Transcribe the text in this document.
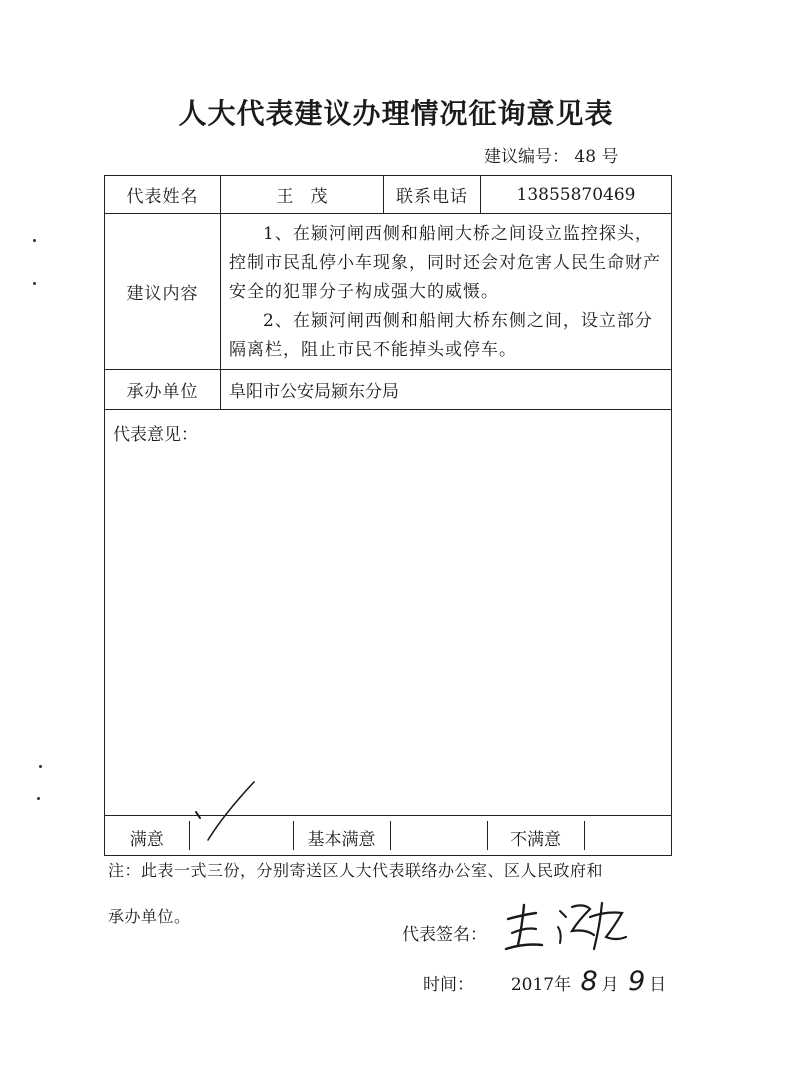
人大代表建议办理情况征询意见表
建议编号： 48 号
代表姓名	王　茂	联系电话	13855870469
建议内容	
1、在颍河闸西侧和船闸大桥之间设立监控探头，控制市民乱停小车现象，同时还会对危害人民生命财产安全的犯罪分子构成强大的威慑。
2、在颍河闸西侧和船闸大桥东侧之间，设立部分隔离栏，阻止市民不能掉头或停车。

承办单位	阜阳市公安局颍东分局
代表意见：

满意		基本满意		不满意	
注：此表一式三份，分别寄送区人大代表联络办公室、区人民政府和
承办单位。
代表签名：
时间： 2017年 8 月 9 日
